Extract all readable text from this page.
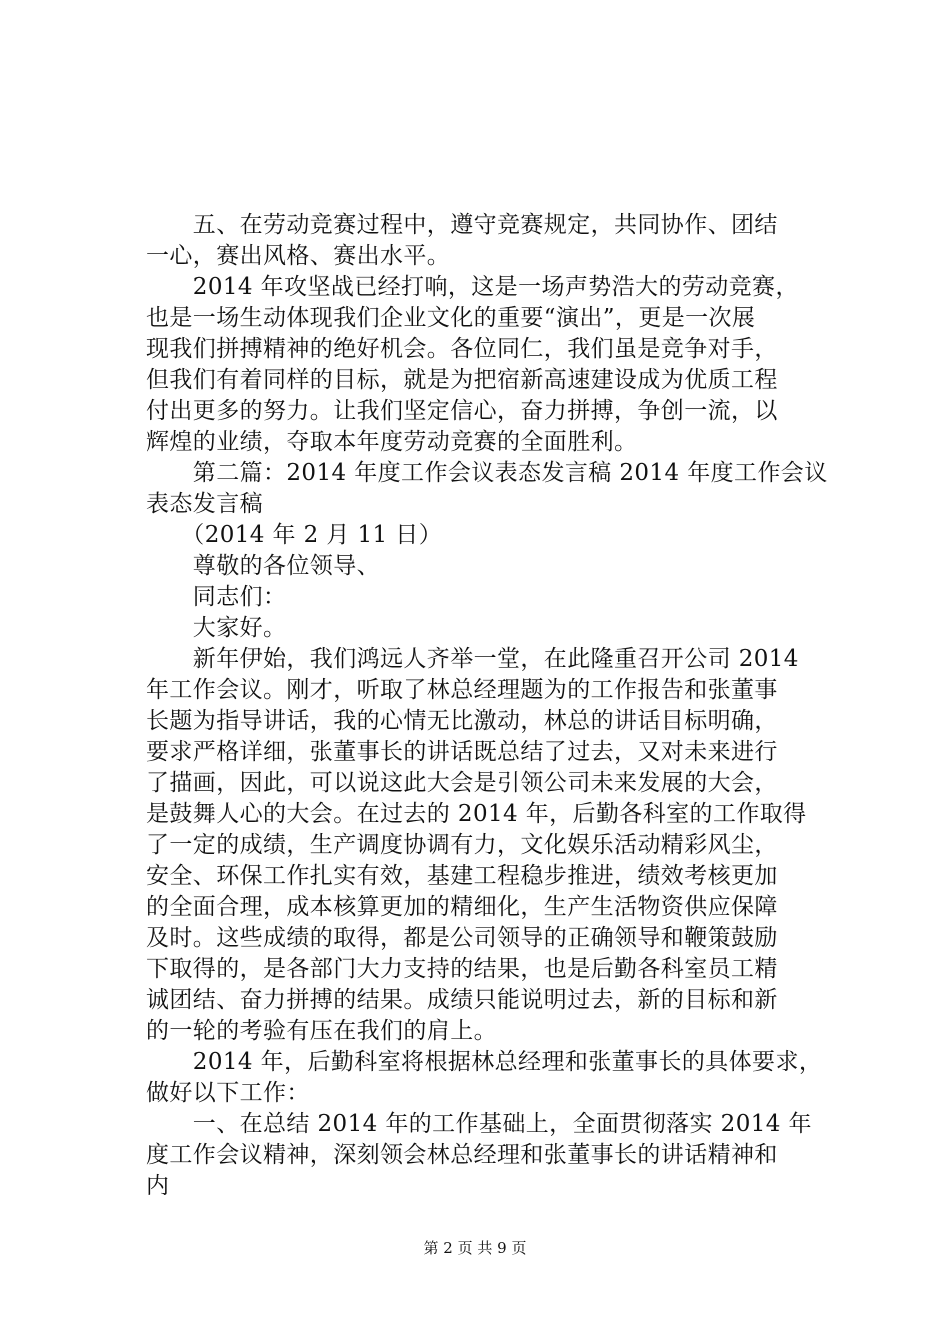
　　五、在劳动竞赛过程中，遵守竞赛规定，共同协作、团结
一心，赛出风格、赛出水平。
　　2014 年攻坚战已经打响，这是一场声势浩大的劳动竞赛，
也是一场生动体现我们企业文化的重要“演出”，更是一次展
现我们拼搏精神的绝好机会。各位同仁，我们虽是竞争对手，
但我们有着同样的目标，就是为把宿新高速建设成为优质工程
付出更多的努力。让我们坚定信心，奋力拼搏，争创一流，以
辉煌的业绩，夺取本年度劳动竞赛的全面胜利。
　　第二篇：2014 年度工作会议表态发言稿 2014 年度工作会议
表态发言稿
　　（2014 年 2 月 11 日）
　　尊敬的各位领导、
　　同志们：
　　大家好。
　　新年伊始，我们鸿远人齐举一堂，在此隆重召开公司 2014
年工作会议。刚才，听取了林总经理题为的工作报告和张董事
长题为指导讲话，我的心情无比激动，林总的讲话目标明确，
要求严格详细，张董事长的讲话既总结了过去，又对未来进行
了描画，因此，可以说这此大会是引领公司未来发展的大会，
是鼓舞人心的大会。在过去的 2014 年，后勤各科室的工作取得
了一定的成绩，生产调度协调有力，文化娱乐活动精彩风尘，
安全、环保工作扎实有效，基建工程稳步推进，绩效考核更加
的全面合理，成本核算更加的精细化，生产生活物资供应保障
及时。这些成绩的取得，都是公司领导的正确领导和鞭策鼓励
下取得的，是各部门大力支持的结果，也是后勤各科室员工精
诚团结、奋力拼搏的结果。成绩只能说明过去，新的目标和新
的一轮的考验有压在我们的肩上。
　　2014 年，后勤科室将根据林总经理和张董事长的具体要求，
做好以下工作：
　　一、在总结 2014 年的工作基础上，全面贯彻落实 2014 年
度工作会议精神，深刻领会林总经理和张董事长的讲话精神和
内
第 2 页 共 9 页
